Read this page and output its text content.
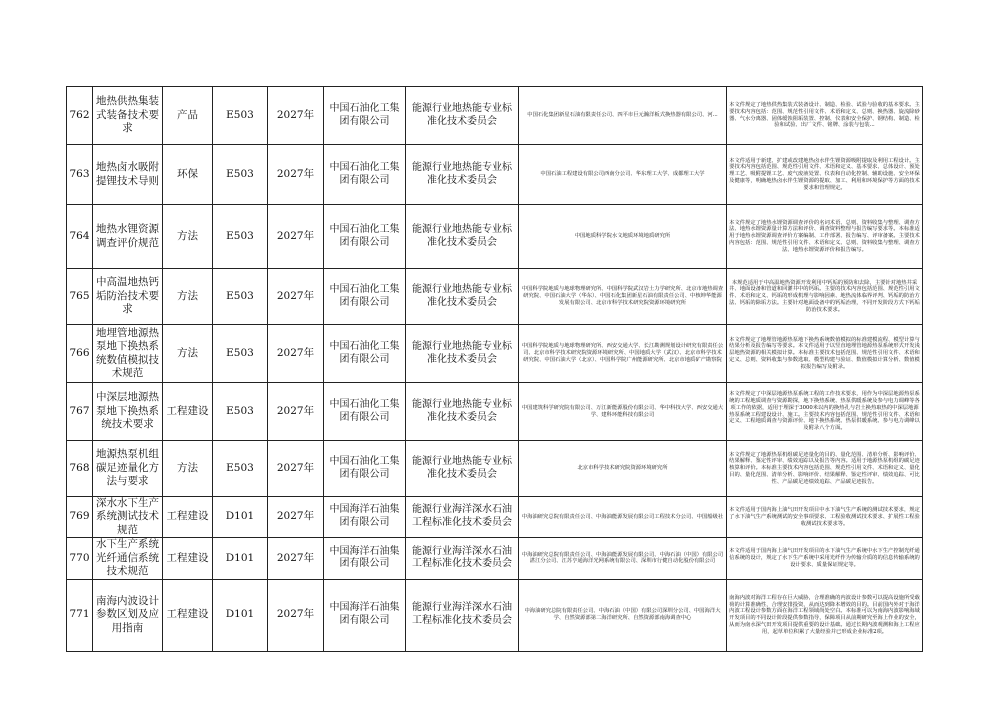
762	地热供热集装式装备技术要求	产品	E503	2027年	中国石油化工集团有限公司	能源行业地热能专业标准化技术委员会	中国石化集团新星石油有限责任公司、四平市巨元瀚洋板式换热器有限公司、河...	本文件规定了地热供热集装式装备设计、制造、检验、试验与验收的基本要求。主要技术内容包括：范围、规范性引用文件、术语和定义、总则、换热器、旋流除砂器、气水分离器、固体缓蚀阻垢装置、控制、仪表和安全保护、钢结构、制造、检验和试验、出厂文件、铭牌、涂装与包装...

763	地热卤水吸附提锂技术导则	环保	E503	2027年	中国石油化工集团有限公司	能源行业地热能专业标准化技术委员会	中国石油工程建设有限公司西南分公司、华东理工大学、成都理工大学	本文件适用于新建、扩建或改建地热卤水伴生锂资源吸附提取及利用工程设计。主要技术内容包括范围、规范性引用文件、术语和定义、基本要求、总体设计、预处理工艺、吸附提锂工艺、废气废液处置、仪表和自动化控制、辅助设施、安全环保及健康等，明确地热卤水伴生锂资源的提取、加工、利用和环境保护等方面的技术要求和管理规定。

764	地热水锂资源调查评价规范	方法	E503	2027年	中国石油化工集团有限公司	能源行业地热能专业标准化技术委员会	中国地质科学院水文地质环境地质研究所	本文件规定了地热水锂资源调查评价的名词术语、总则、资料收集与整理、调查方法、地热水锂资源量计算方法和评价、调查资料整理与报告编写要求等。本标准适用于地热水锂资源调查评价方案编制、工作部署、报告编写、评审备案。主要技术内容包括：范围、规范性引用文件、术语和定义、总则、资料收集与整理、调查方法、地热水锂资源评价和报告编写。

765	中高温地热钙垢防治技术要求	方法	E503	2027年	中国石油化工集团有限公司	能源行业地热能专业标准化技术委员会	中国科学院地质与地球物理研究所、中国科学院武汉岩土力学研究所、北京市地热调查研究院、中国石油大学（华东）、中国石化集团新星石油有限责任公司、中核坤华能源发展有限公司、北京市科学技术研究院资源环境研究所	本规范适用于中高温地热资源开发利用中钙垢的预防和去除，主要针对地热井采井、地面设备和管道和回灌井中的钙垢。主要的技术内容包括范围、规范性引用文件、术语和定义、钙垢的形成机理与影响因素、地热流体临界评判、钙垢的防治方法、钙垢的除垢方法。主要针对地面设备中的钙垢治理，不同开发阶段方式下钙垢防治技术要求。

766	地埋管地源热泵地下换热系统数值模拟技术规范	方法	E503	2027年	中国石油化工集团有限公司	能源行业地热能专业标准化技术委员会	中国科学院地质与地球物理研究所、西安交通大学、长江勘测规划设计研究有限责任公司、北京市科学技术研究院资源环境研究所、中国地质大学（武汉）、北京市科学技术研究院、中国石油大学（北京）、中国科学院广州能源研究所、北京市地质矿产勘察院	本文件规定了地埋管地源热泵地下换热系统数值模拟的标准建模流程、模型计算与结果分析及报告编写等要求。本文件适用于以竖直地埋管地源热泵系统形式开发浅层地热资源的相关模拟计算。本标准主要技术包括范围、规范性引用文件、术语和定义、总则、资料收集与参数选取、模型构建与验证、数值模拟计算分析、数值模拟报告编写及附录。

767	中深层地源热泵地下换热系统技术要求	工程建设	E503	2027年	中国石油化工集团有限公司	能源行业地热能专业标准化技术委员会	中国建筑科学研究院有限公司、万江新能源股份有限公司、华中科技大学、西安交通大学、建科环能科技有限公司	本文件规定了中深层地源热泵系统工程的工作技术要求，用作为中深层地源热泵系统的工程地质调查与资源勘探，地下换热系统、热泵供暖系统及参与电力调峰等各项工作的依据，适用于埋深于3000米以内的换热孔与岩土换热取热的中深层地源热泵系统工程建设设计、施工。主要技术内容包括范围、规范性引用文件、术语和定义、工程地质调查与资源评价、地下换热系统、热泵供暖系统、参与电力调峰以及附录八个方面。

768	地源热泵机组碳足迹量化方法与要求	方法	E503	2027年	中国石油化工集团有限公司	能源行业地热能专业标准化技术委员会	北京市科学技术研究院资源环境研究所	本文件规定了地源热泵机组碳足迹量化的目的、量化范围、清单分析、影响评价、结果解释、鉴定性评审、绩效追踪以及报告等内容。适用于地源热泵机组的碳足迹核算和评价。本标准主要技术内容包括范围、规范性引用文件、术语和定义、量化目的、量化范围、清单分析、影响评价、结果解释、鉴定性评审、绩效追踪、可比性、产品碳足迹绩效追踪、产品碳足迹报告。

769	深水水下生产系统测试技术规范	工程建设	D101	2027年	中国海洋石油集团有限公司	能源行业海洋深水石油工程标准化技术委员会	中海油研究总院有限责任公司、中海油能源发展有限公司工程技术分公司、中国船级社	本文件适用于国内海上油气田开发项目中水下油气生产系统的测试技术要求，规定了水下油气生产系统测试的安全事项要求、工程验收测试技术要求、扩展性工程验收测试技术要求等。

770	水下生产系统光纤通信系统技术规范	工程建设	D101	2027年	中国海洋石油集团有限公司	能源行业海洋深水石油工程标准化技术委员会	中海油研究总院有限责任公司、中海油能源发展有限公司、中海石油（中国）有限公司湛江分公司、江苏亨通海洋光网系统有限公司、深圳市行健自动化股份有限公司	本文件适用于国内海上油气田开发项目的水下油气生产系统中水下生产控制光纤通信系统的设计，规定了水下生产系统中采用光纤作为传输介质的的信息传输系统的设计要求、质量保证规定等。

771	南海内波设计参数区划及应用指南	工程建设	D101	2027年	中国海洋石油集团有限公司	能源行业海洋深水石油工程标准化技术委员会	中海油研究总院有限责任公司、中海石油（中国）有限公司深圳分公司、中国海洋大学、自然资源部第二海洋研究所、自然资源部南海调查中心	南海内波对海洋工程存在巨大威胁，合理准确的内波设计参数可以提高设施所受载荷的计算准确性，合理安排投资，从而达到降本增效的目的。目前国内外对于海洋内波工程设计参数方面在海洋工程领域尚处空白。本标准可以为南海内波影响海域开发项目的不同设计阶段提供参数指导，保障项目从前期研究至海上作业的安全，从而为南水深气田开发项目提供重要的设计基础。通过长期内波观测和海上工程应用，起草单位积累了大量经验并已形成企业标准2项。
